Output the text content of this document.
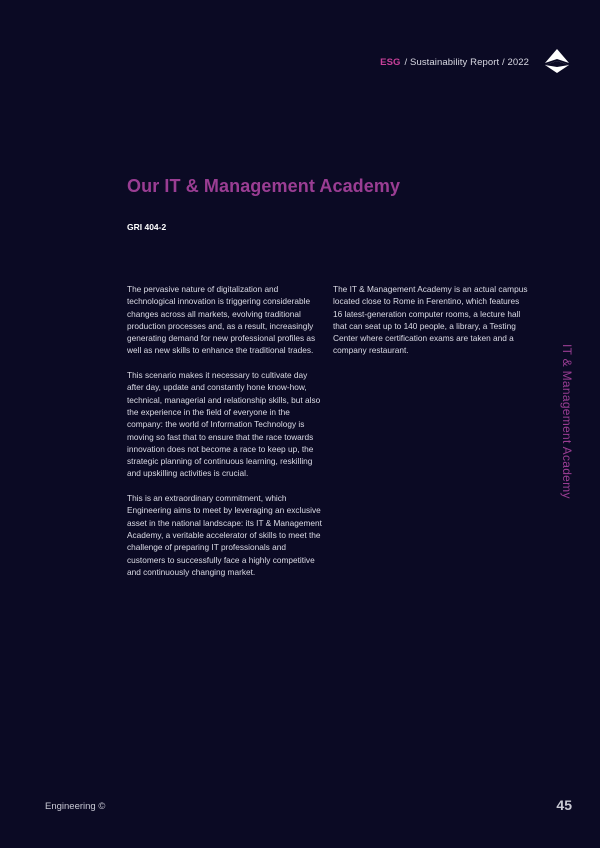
ESG / Sustainability Report / 2022
Our IT & Management Academy
GRI 404-2

The pervasive nature of digitalization and technological innovation is triggering considerable changes across all markets, evolving traditional production processes and, as a result, increasingly generating demand for new professional profiles as well as new skills to enhance the traditional trades.

This scenario makes it necessary to cultivate day after day, update and constantly hone know-how, technical, managerial and relationship skills, but also the experience in the field of everyone in the company: the world of Information Technology is moving so fast that to ensure that the race towards innovation does not become a race to keep up, the strategic planning of continuous learning, reskilling and upskilling activities is crucial.

This is an extraordinary commitment, which Engineering aims to meet by leveraging an exclusive asset in the national landscape: its IT & Management Academy, a veritable accelerator of skills to meet the challenge of preparing IT professionals and customers to successfully face a highly competitive and continuously changing market.

The IT & Management Academy is an actual campus located close to Rome in Ferentino, which features 16 latest-generation computer rooms, a lecture hall that can seat up to 140 people, a library, a Testing Center where certification exams are taken and a company restaurant.	IT & Management Academy
Engineering ©	45
